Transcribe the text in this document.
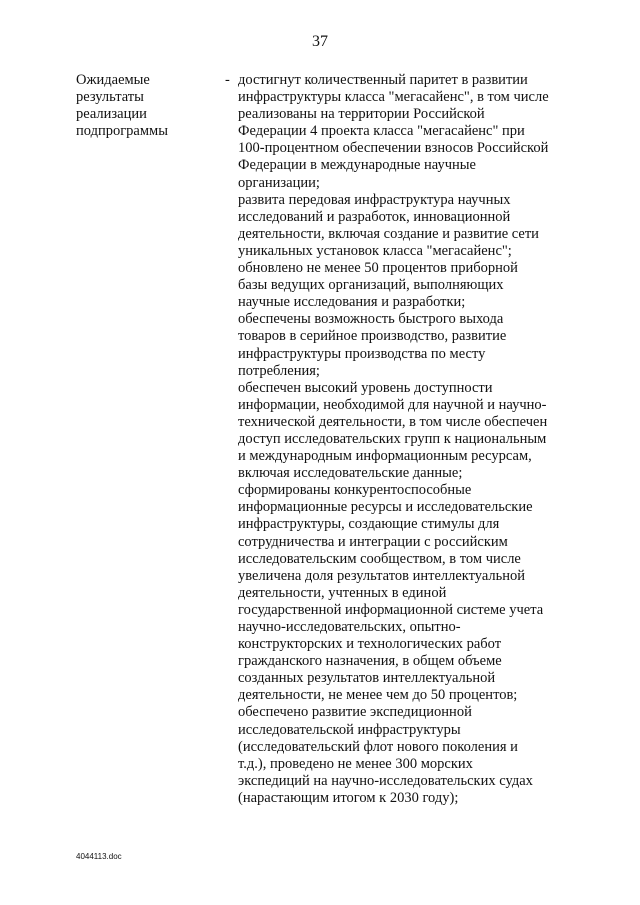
37
Ожидаемые
результаты
реализации
подпрограммы
- достигнут количественный паритет в развитии
инфраструктуры класса "мегасайенс", в том числе
реализованы на территории Российской
Федерации 4 проекта класса "мегасайенс" при
100-процентном обеспечении взносов Российской
Федерации в международные научные
организации;
развита передовая инфраструктура научных
исследований и разработок, инновационной
деятельности, включая создание и развитие сети
уникальных установок класса "мегасайенс";
обновлено не менее 50 процентов приборной
базы ведущих организаций, выполняющих
научные исследования и разработки;
обеспечены возможность быстрого выхода
товаров в серийное производство, развитие
инфраструктуры производства по месту
потребления;
обеспечен высокий уровень доступности
информации, необходимой для научной и научно-
технической деятельности, в том числе обеспечен
доступ исследовательских групп к национальным
и международным информационным ресурсам,
включая исследовательские данные;
сформированы конкурентоспособные
информационные ресурсы и исследовательские
инфраструктуры, создающие стимулы для
сотрудничества и интеграции с российским
исследовательским сообществом, в том числе
увеличена доля результатов интеллектуальной
деятельности, учтенных в единой
государственной информационной системе учета
научно-исследовательских, опытно-
конструкторских и технологических работ
гражданского назначения, в общем объеме
созданных результатов интеллектуальной
деятельности, не менее чем до 50 процентов;
обеспечено развитие экспедиционной
исследовательской инфраструктуры
(исследовательский флот нового поколения и
т.д.), проведено не менее 300 морских
экспедиций на научно-исследовательских судах
(нарастающим итогом к 2030 году);
4044113.doc
